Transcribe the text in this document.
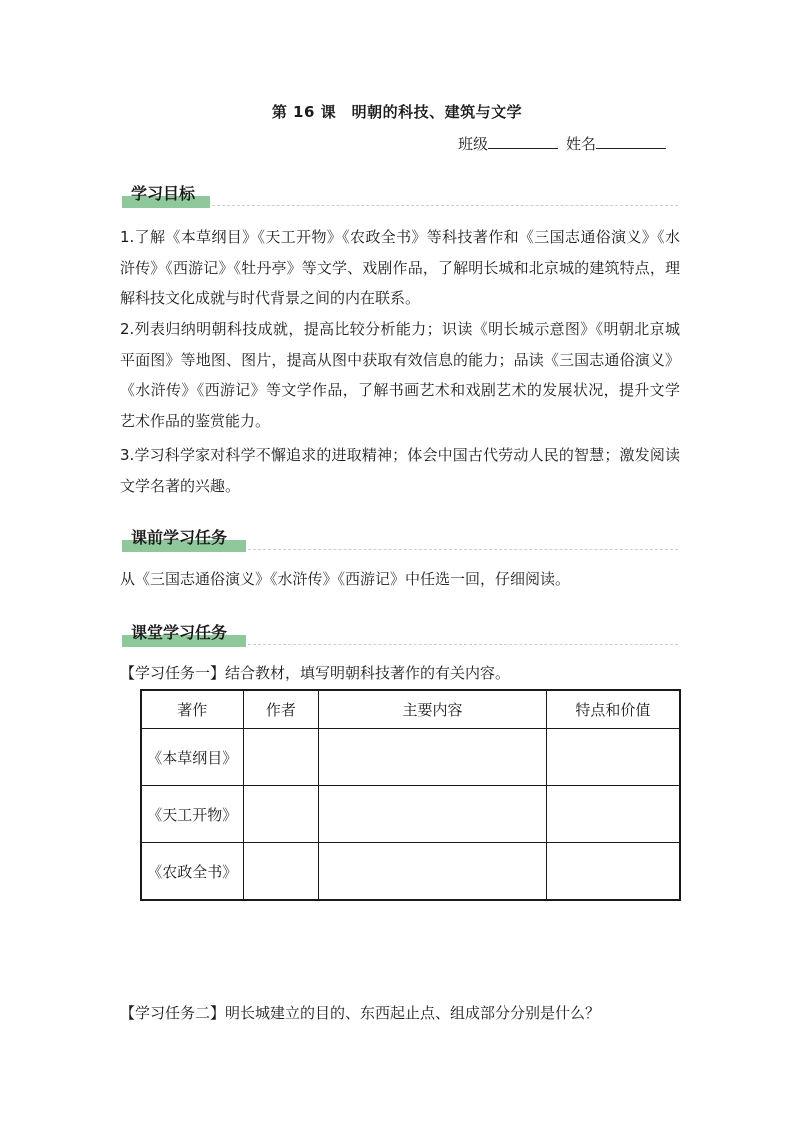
第 16 课　明朝的科技、建筑与文学
班级	姓名
学习目标

1.了解《本草纲目》《天工开物》《农政全书》等科技著作和《三国志通俗演义》《水浒传》《西游记》《牡丹亭》等文学、戏剧作品，了解明长城和北京城的建筑特点，理解科技文化成就与时代背景之间的内在联系。

2.列表归纳明朝科技成就，提高比较分析能力；识读《明长城示意图》《明朝北京城平面图》等地图、图片，提高从图中获取有效信息的能力；品读《三国志通俗演义》《水浒传》《西游记》等文学作品，了解书画艺术和戏剧艺术的发展状况，提升文学艺术作品的鉴赏能力。

3.学习科学家对科学不懈追求的进取精神；体会中国古代劳动人民的智慧；激发阅读文学名著的兴趣。

课前学习任务

从《三国志通俗演义》《水浒传》《西游记》中任选一回，仔细阅读。

课堂学习任务
【学习任务一】结合教材，填写明朝科技著作的有关内容。
著作	作者	主要内容	特点和价值
《本草纲目》			
《天工开物》			
《农政全书》			
【学习任务二】明长城建立的目的、东西起止点、组成部分分别是什么？
